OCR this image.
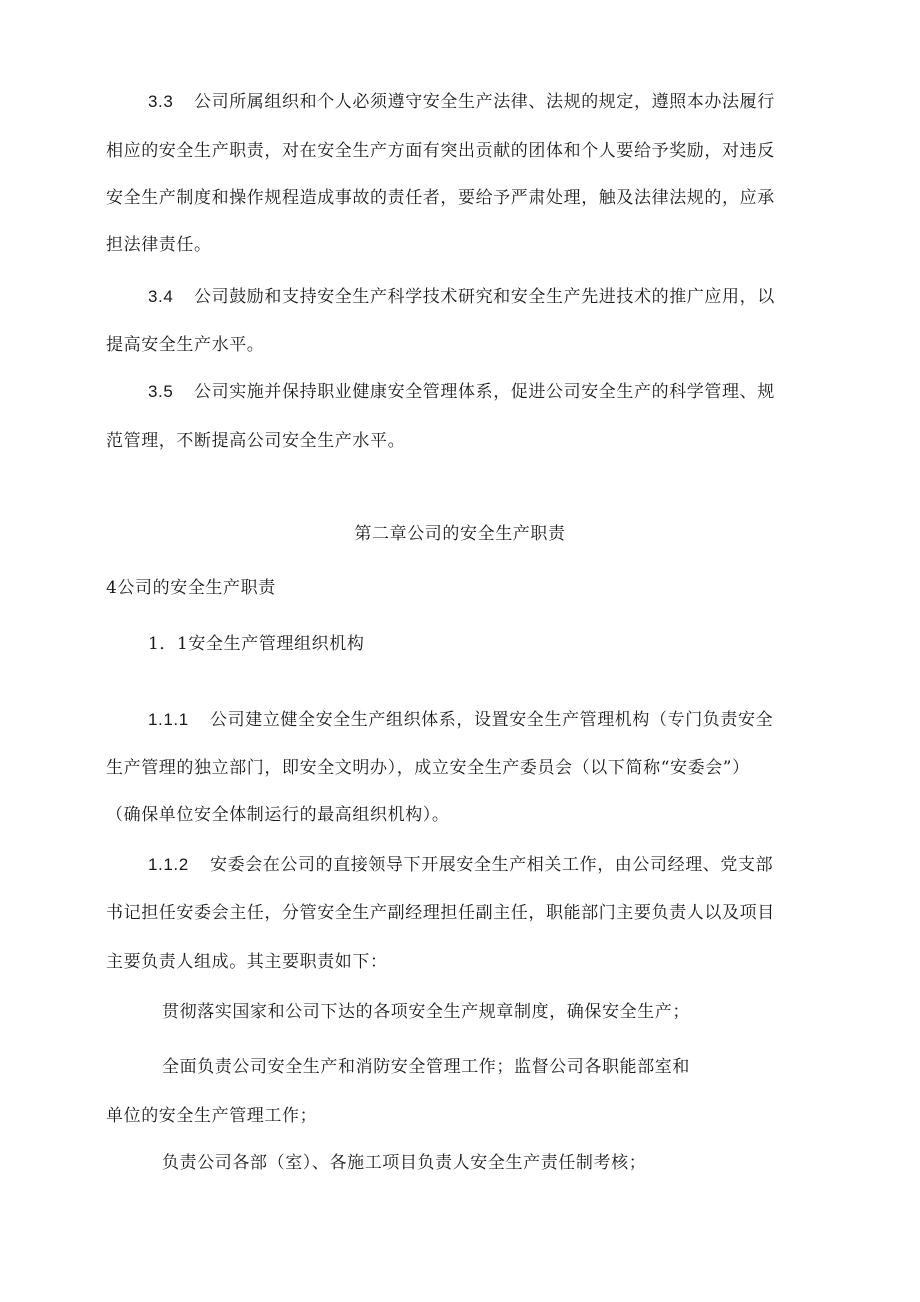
3.3 公司所属组织和个人必须遵守安全生产法律、法规的规定，遵照本办法履行
相应的安全生产职责，对在安全生产方面有突出贡献的团体和个人要给予奖励，对违反
安全生产制度和操作规程造成事故的责任者，要给予严肃处理，触及法律法规的，应承
担法律责任。
3.4 公司鼓励和支持安全生产科学技术研究和安全生产先进技术的推广应用，以
提高安全生产水平。
3.5 公司实施并保持职业健康安全管理体系，促进公司安全生产的科学管理、规
范管理，不断提高公司安全生产水平。
第二章公司的安全生产职责
4公司的安全生产职责
1．1安全生产管理组织机构
1.1.1 公司建立健全安全生产组织体系，设置安全生产管理机构（专门负责安全
生产管理的独立部门，即安全文明办），成立安全生产委员会（以下简称“安委会”）
（确保单位安全体制运行的最高组织机构）。
1.1.2 安委会在公司的直接领导下开展安全生产相关工作，由公司经理、党支部
书记担任安委会主任，分管安全生产副经理担任副主任，职能部门主要负责人以及项目
主要负责人组成。其主要职责如下：
贯彻落实国家和公司下达的各项安全生产规章制度，确保安全生产；
全面负责公司安全生产和消防安全管理工作；监督公司各职能部室和
单位的安全生产管理工作；
负责公司各部（室）、各施工项目负责人安全生产责任制考核；
